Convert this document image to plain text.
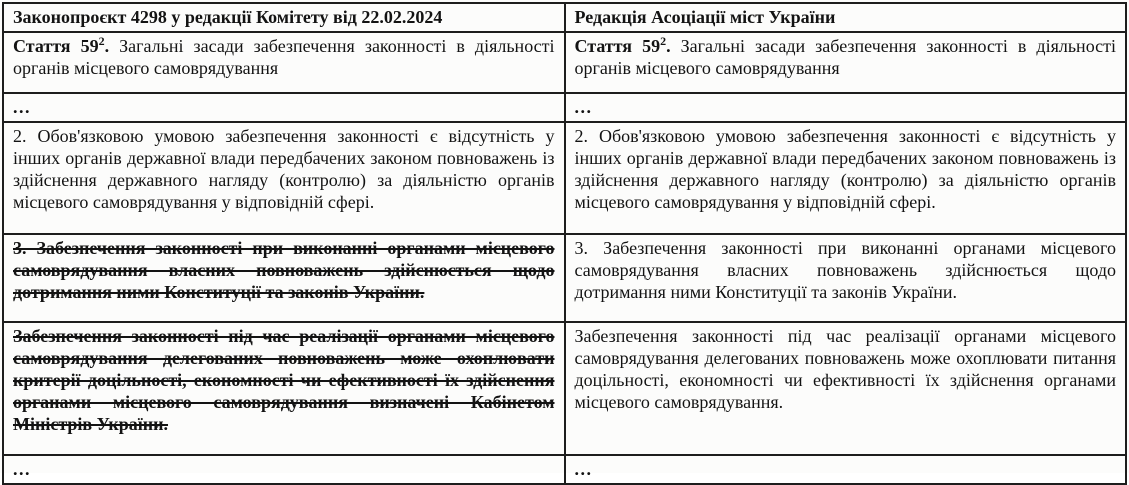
Законопроєкт 4298 у редакції Комітету від 22.02.2024	Редакція Асоціації міст України
Стаття $59^2$. Загальні засади забезпечення законності в діяльності органів місцевого самоврядування	Стаття $59^2$. Загальні засади забезпечення законності в діяльності органів місцевого самоврядування
...	...
2. Обов'язковою умовою забезпечення законності є відсутність у інших органів державної влади передбачених законом повноважень із здійснення державного нагляду (контролю) за діяльністю органів місцевого самоврядування у відповідній сфері.	2. Обов'язковою умовою забезпечення законності є відсутність у інших органів державної влади передбачених законом повноважень із здійснення державного нагляду (контролю) за діяльністю органів місцевого самоврядування у відповідній сфері.
3. Забезпечення законності при виконанні органами місцевого самоврядування власних повноважень здійснюється щодо дотримання ними Конституції та законів України.	3. Забезпечення законності при виконанні органами місцевого самоврядування власних повноважень здійснюється щодо дотримання ними Конституції та законів України.
Забезпечення законності під час реалізації органами місцевого самоврядування делегованих повноважень може охоплювати критерії доцільності, економності чи ефективності їх здійснення органами місцевого самоврядування визначені Кабінетом Міністрів України.	Забезпечення законності під час реалізації органами місцевого самоврядування делегованих повноважень може охоплювати питання доцільності, економності чи ефективності їх здійснення органами місцевого самоврядування.
...	...
